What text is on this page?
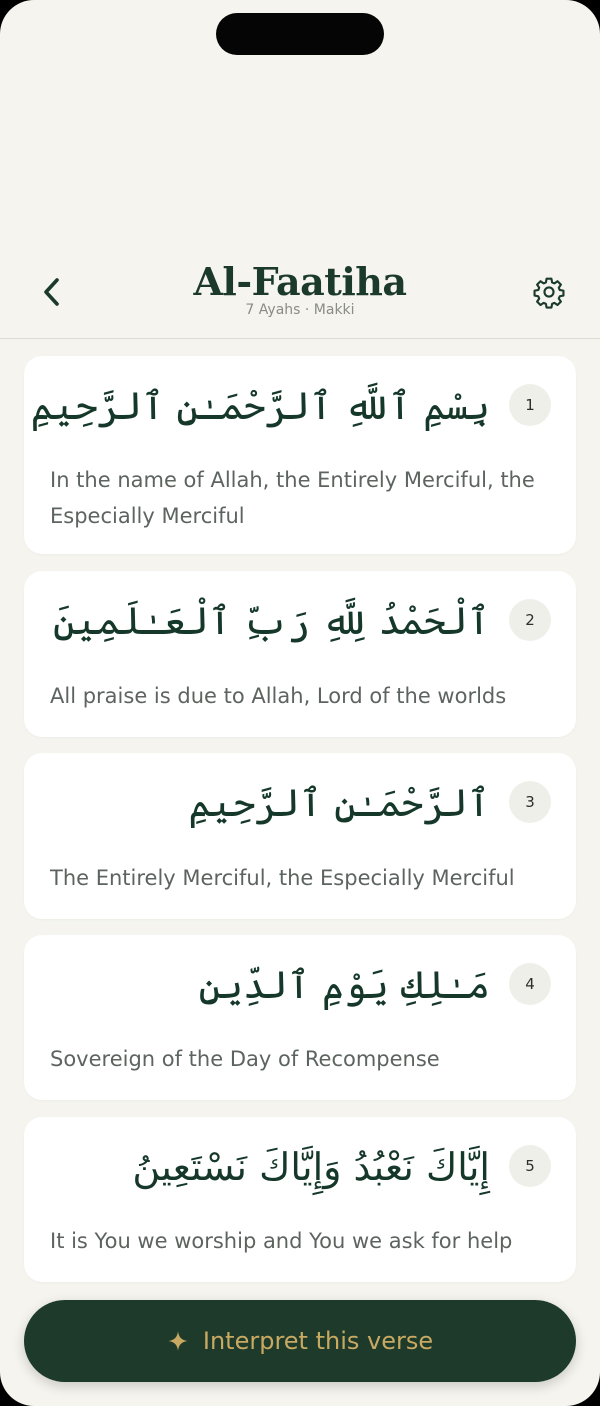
Al-Faatiha
7 Ayahs · Makki
1
بِسْمِ ٱللَّهِ ٱلرَّحْمَـٰنِ ٱلرَّحِيمِ
In the name of Allah, the Entirely Merciful, the Especially Merciful
2
ٱلْحَمْدُ لِلَّهِ رَبِّ ٱلْعَـٰلَمِينَ
All praise is due to Allah, Lord of the worlds
3
ٱلرَّحْمَـٰنِ ٱلرَّحِيمِ
The Entirely Merciful, the Especially Merciful
4
مَـٰلِكِ يَوْمِ ٱلدِّينِ
Sovereign of the Day of Recompense
5
إِيَّاكَ نَعْبُدُ وَإِيَّاكَ نَسْتَعِينُ
It is You we worship and You we ask for help
Interpret this verse
